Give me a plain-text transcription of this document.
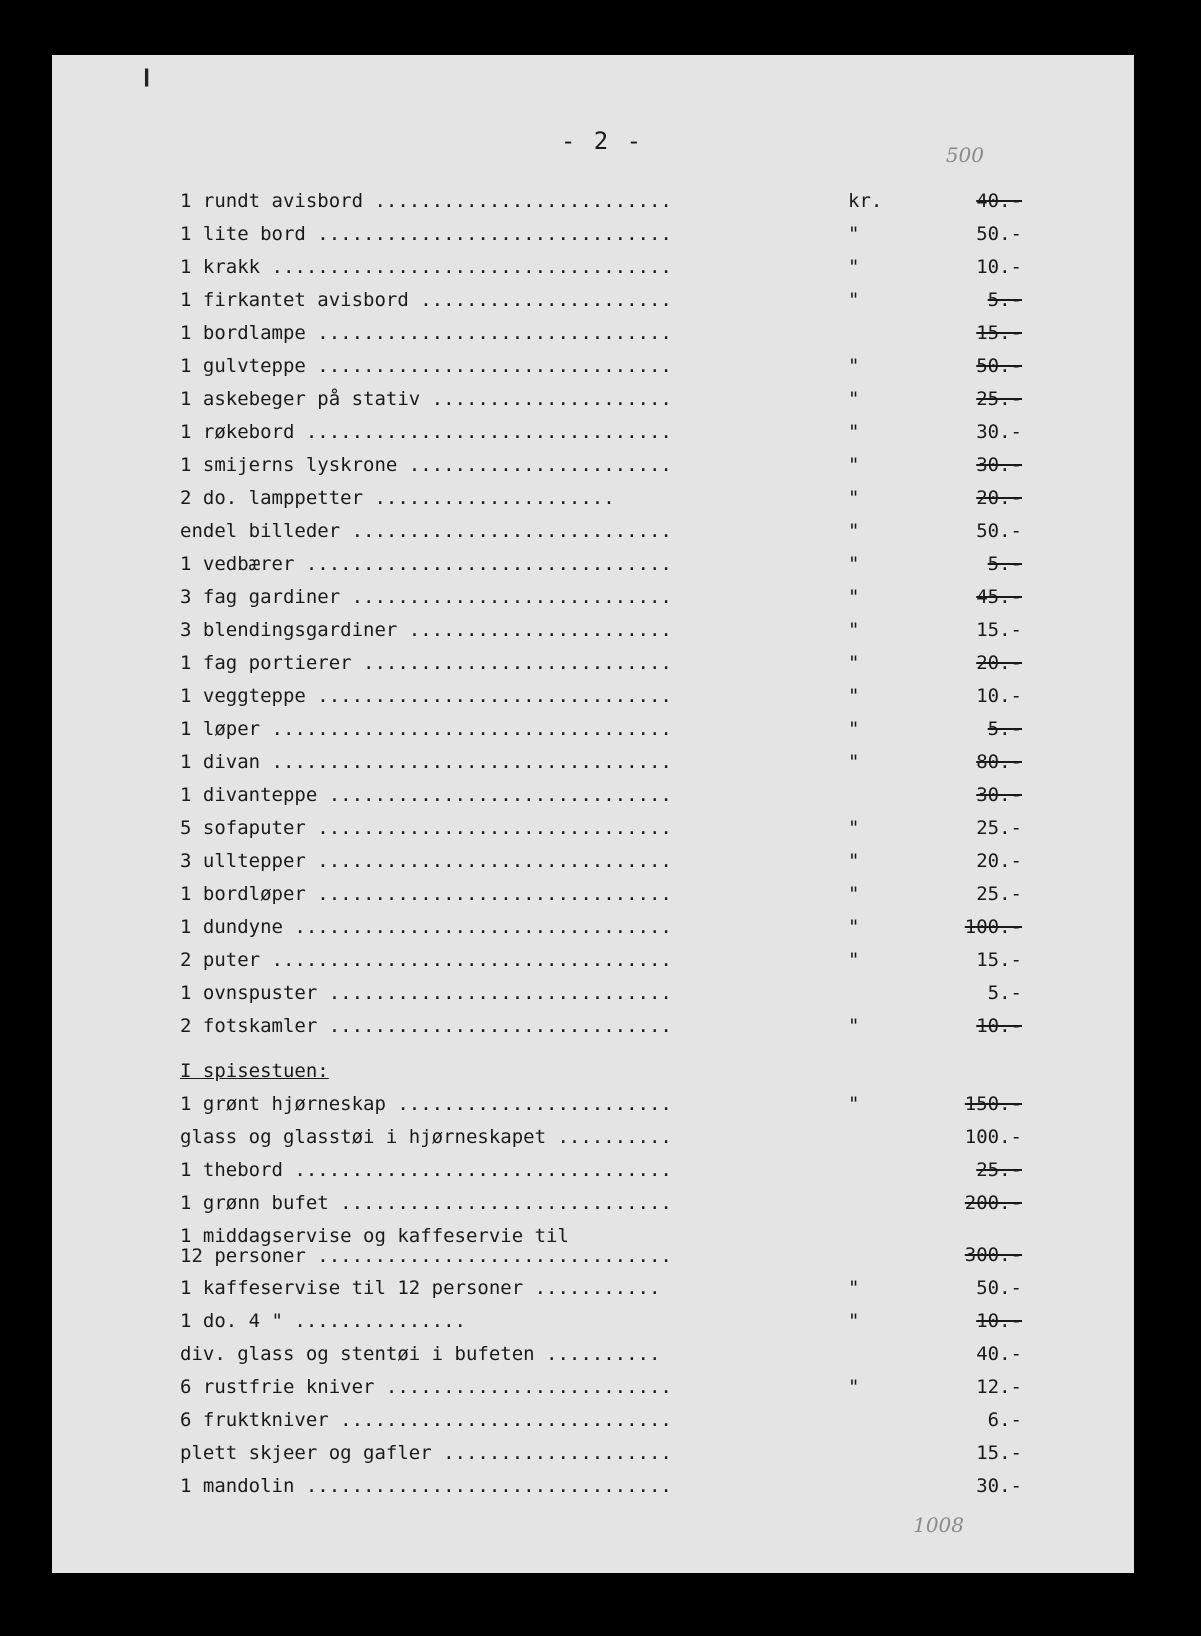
❙
- 2 -	500
1 rundt avisbord ..........................	kr.	40.-
1 lite bord ...............................	"	50.-
1 krakk ...................................	"	10.-
1 firkantet avisbord ......................	"	5.-
1 bordlampe ...............................	15.-
1 gulvteppe ...............................	"	50.-
1 askebeger på stativ .....................	"	25.-
1 røkebord ................................	"	30.-
1 smijerns lyskrone .......................	"	30.-
2 do. lamppetter .....................	"	20.-
endel billeder ............................	"	50.-
1 vedbærer ................................	"	5.-
3 fag gardiner ............................	"	45.-
3 blendingsgardiner .......................	"	15.-
1 fag portierer ...........................	"	20.-
1 veggteppe ...............................	"	10.-
1 løper ...................................	"	5.-
1 divan ...................................	"	80.-
1 divanteppe ..............................	30.-
5 sofaputer ...............................	"	25.-
3 ulltepper ...............................	"	20.-
1 bordløper ...............................	"	25.-
1 dundyne .................................	"	100.-
2 puter ...................................	"	15.-
1 ovnspuster ..............................	5.-
2 fotskamler ..............................	"	10.-
I spisestuen:
1 grønt hjørneskap ........................	"	150.-
glass og glasstøi i hjørneskapet ..........	100.-
1 thebord .................................	25.-
1 grønn bufet .............................	200.-
1 middagservise og kaffeservie til
12 personer ...............................	300.-
1 kaffeservise til 12 personer ...........	"	50.-
1 do. 4 " ...............	"	10.-
div. glass og stentøi i bufeten ..........	40.-
6 rustfrie kniver .........................	"	12.-
6 fruktkniver .............................	6.-
plett skjeer og gafler ....................	15.-
1 mandolin ................................	30.-
1008
